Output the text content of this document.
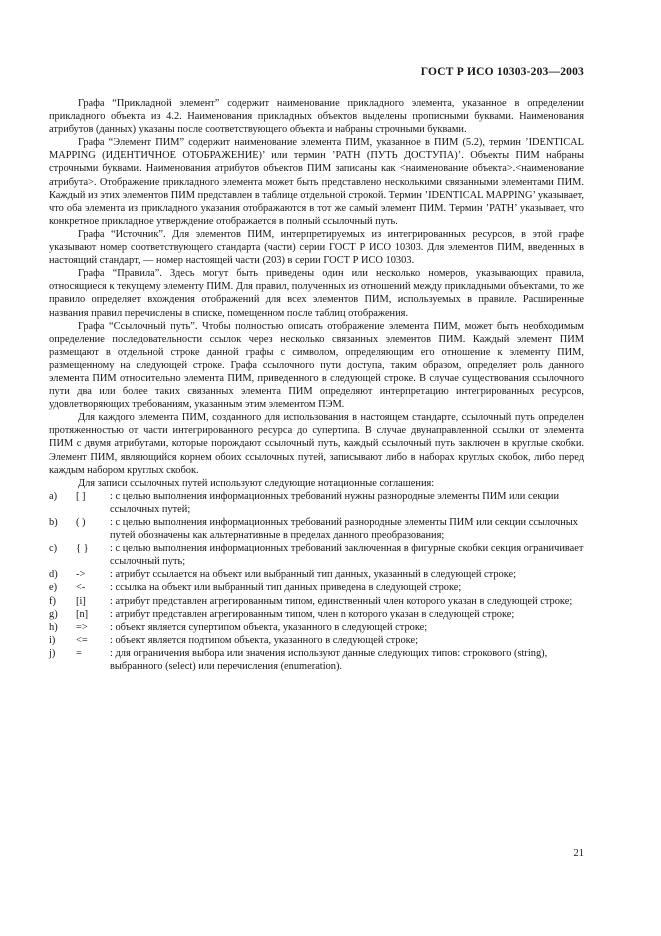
ГОСТ Р ИСО 10303-203—2003

Графа “Прикладной элемент” содержит наименование прикладного элемента, указанное в определении прикладного объекта из 4.2. Наименования прикладных объектов выделены прописными буквами. Наименования атрибутов (данных) указаны после соответствующего объекта и набраны строчными буквами.

Графа “Элемент ПИМ” содержит наименование элемента ПИМ, указанное в ПИМ (5.2), термин ’IDENTICAL MAPPING (ИДЕНТИЧНОЕ ОТОБРАЖЕНИЕ)’ или термин ’PATH (ПУТЬ ДОСТУПА)’. Объекты ПИМ набраны строчными буквами. Наименования атрибутов объектов ПИМ записаны как <наименование объекта>.<наименование атрибута>. Отображение прикладного элемента может быть представлено несколькими связанными элементами ПИМ. Каждый из этих элементов ПИМ представлен в таблице отдельной строкой. Термин ’IDENTICAL MAPPING’ указывает, что оба элемента из прикладного указания отображаются в тот же самый элемент ПИМ. Термин ’PATH’ указывает, что конкретное прикладное утверждение отображается в полный ссылочный путь.

Графа “Источник”. Для элементов ПИМ, интерпретируемых из интегрированных ресурсов, в этой графе указывают номер соответствующего стандарта (части) серии ГОСТ Р ИСО 10303. Для элементов ПИМ, введенных в настоящий стандарт, — номер настоящей части (203) в серии ГОСТ Р ИСО 10303.

Графа “Правила”. Здесь могут быть приведены один или несколько номеров, указывающих правила, относящиеся к текущему элементу ПИМ. Для правил, полученных из отношений между прикладными объектами, то же правило определяет вхождения отображений для всех элементов ПИМ, используемых в правиле. Расширенные названия правил перечислены в списке, помещенном после таблиц отображения.

Графа “Ссылочный путь”. Чтобы полностью описать отображение элемента ПИМ, может быть необходимым определение последовательности ссылок через несколько связанных элементов ПИМ. Каждый элемент ПИМ размещают в отдельной строке данной графы с символом, определяющим его отношение к элементу ПИМ, размещенному на следующей строке. Графа ссылочного пути доступа, таким образом, определяет роль данного элемента ПИМ относительно элемента ПИМ, приведенного в следующей строке. В случае существования ссылочного пути два или более таких связанных элемента ПИМ определяют интерпретацию интегрированных ресурсов, удовлетворяющих требованиям, указанным этим элементом ПЭМ.

Для каждого элемента ПИМ, созданного для использования в настоящем стандарте, ссылочный путь определен протяженностью от части интегрированного ресурса до супертипа. В случае двунаправленной ссылки от элемента ПИМ с двумя атрибутами, которые порождают ссылочный путь, каждый ссылочный путь заключен в круглые скобки. Элемент ПИМ, являющийся корнем обоих ссылочных путей, записывают либо в наборах круглых скобок, либо перед каждым набором круглых скобок.

Для записи ссылочных путей используют следующие нотационные соглашения:

a)	[ ]	: с целью выполнения информационных требований нужны разнородные элементы ПИМ или секции ссылочных путей;
b)	( )	: с целью выполнения информационных требований разнородные элементы ПИМ или секции ссылочных путей обозначены как альтернативные в пределах данного преобразования;
c)	{ }	: с целью выполнения информационных требований заключенная в фигурные скобки секция ограничивает ссылочный путь;
d)	->	: атрибут ссылается на объект или выбранный тип данных, указанный в следующей строке;
e)	<-	: ссылка на объект или выбранный тип данных приведена в следующей строке;
f)	[i]	: атрибут представлен агрегированным типом, единственный член которого указан в следующей строке;
g)	[n]	: атрибут представлен агрегированным типом, член n которого указан в следующей строке;
h)	=>	: объект является супертипом объекта, указанного в следующей строке;
i)	<=	: объект является подтипом объекта, указанного в следующей строке;
j)	=	: для ограничения выбора или значения используют данные следующих типов: строкового (string), выбранного (select) или перечисления (enumeration).
21
